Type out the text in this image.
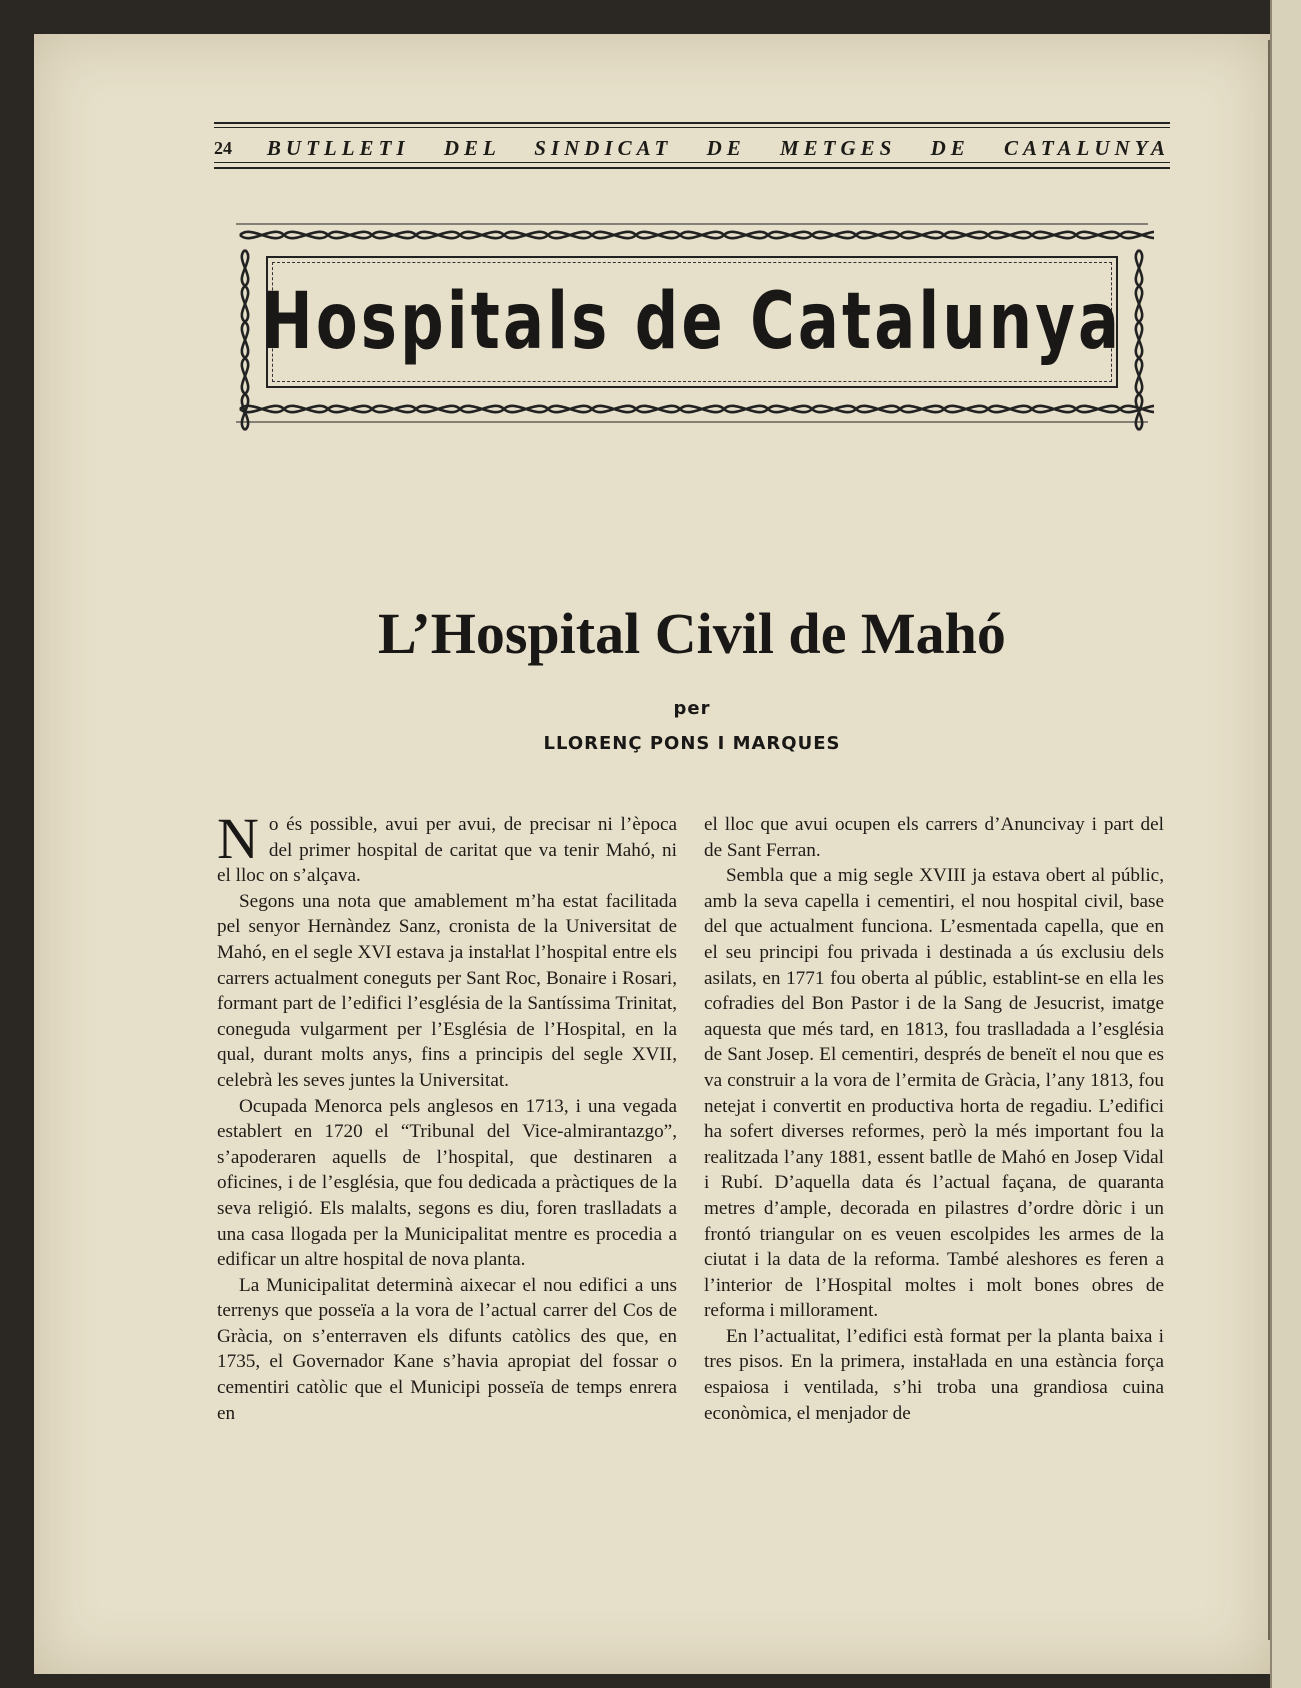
24 BUTLLETI DEL SINDICAT DE METGES DE CATALUNYA
Hospitals de Catalunya
L’Hospital Civil de Mahó
per
LLORENÇ PONS I MARQUES

No és possible, avui per avui, de precisar ni l’època del primer hospital de caritat que va tenir Mahó, ni el lloc on s’alçava.

Segons una nota que amablement m’ha estat facilitada pel senyor Hernàndez Sanz, cronista de la Universitat de Mahó, en el segle XVI estava ja instaŀlat l’hospital entre els carrers actualment coneguts per Sant Roc, Bonaire i Rosari, formant part de l’edifici l’església de la Santíssima Trinitat, coneguda vulgarment per l’Església de l’Hospital, en la qual, durant molts anys, fins a principis del segle XVII, celebrà les seves juntes la Universitat.

Ocupada Menorca pels anglesos en 1713, i una vegada establert en 1720 el “Tribunal del Vice-almirantazgo”, s’apoderaren aquells de l’hospital, que destinaren a oficines, i de l’església, que fou dedicada a pràctiques de la seva religió. Els malalts, segons es diu, foren traslladats a una casa llogada per la Municipalitat mentre es procedia a edificar un altre hospital de nova planta.

La Municipalitat determinà aixecar el nou edifici a uns terrenys que posseïa a la vora de l’actual carrer del Cos de Gràcia, on s’enterraven els difunts catòlics des que, en 1735, el Governador Kane s’havia apropiat del fossar o cementiri catòlic que el Municipi posseïa de temps enrera en

el lloc que avui ocupen els carrers d’Anuncivay i part del de Sant Ferran.

Sembla que a mig segle XVIII ja estava obert al públic, amb la seva capella i cementiri, el nou hospital civil, base del que actualment funciona. L’esmentada capella, que en el seu principi fou privada i destinada a ús exclusiu dels asilats, en 1771 fou oberta al públic, establint-se en ella les cofradies del Bon Pastor i de la Sang de Jesucrist, imatge aquesta que més tard, en 1813, fou traslladada a l’església de Sant Josep. El cementiri, després de beneït el nou que es va construir a la vora de l’ermita de Gràcia, l’any 1813, fou netejat i convertit en productiva horta de regadiu. L’edifici ha sofert diverses reformes, però la més important fou la realitzada l’any 1881, essent batlle de Mahó en Josep Vidal i Rubí. D’aquella data és l’actual façana, de quaranta metres d’ample, decorada en pilastres d’ordre dòric i un frontó triangular on es veuen escolpides les armes de la ciutat i la data de la reforma. També aleshores es feren a l’interior de l’Hospital moltes i molt bones obres de reforma i millorament.

En l’actualitat, l’edifici està format per la planta baixa i tres pisos. En la primera, instaŀlada en una estància força espaiosa i ventilada, s’hi troba una grandiosa cuina econòmica, el menjador de
